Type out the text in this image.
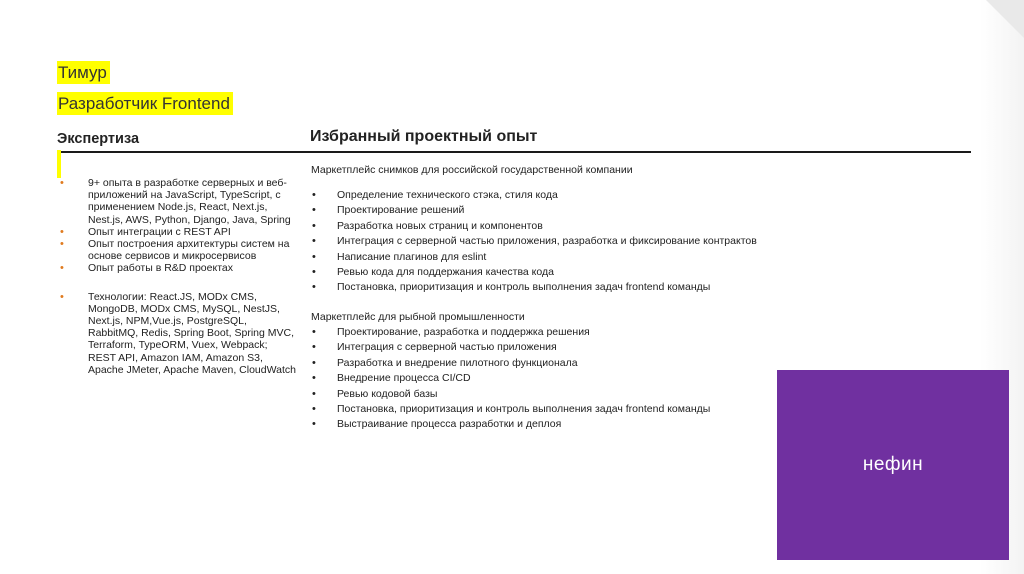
Тимур
Разработчик Frontend
Экспертиза	Избранный проектный опыт
• 9+ опыта в разработке серверных и веб-приложений на JavaScript, TypeScript, с применением Node.js, React, Next.js, Nest.js, AWS, Python, Django, Java, Spring
• Опыт интеграции с REST API
• Опыт построения архитектуры систем на основе сервисов и микросервисов
• Опыт работы в R&D проектах
• Технологии: React.JS, MODx CMS, MongoDB, MODx CMS, MySQL, NestJS, Next.js, NPM,Vue.js, PostgreSQL, RabbitMQ, Redis, Spring Boot, Spring MVC, Terraform, TypeORM, Vuex, Webpack; REST API, Amazon IAM, Amazon S3, Apache JMeter, Apache Maven, CloudWatch
Маркетплейс снимков для российской государственной компании
• Определение технического стэка, стиля кода
• Проектирование решений
• Разработка новых страниц и компонентов
• Интеграция с серверной частью приложения, разработка и фиксирование контрактов
• Написание плагинов для eslint
• Ревью кода для поддержания качества кода
• Постановка, приоритизация и контроль выполнения задач frontend команды
Маркетплейс для рыбной промышленности
• Проектирование, разработка и поддержка решения
• Интеграция с серверной частью приложения
• Разработка и внедрение пилотного функционала
• Внедрение процесса CI/CD
• Ревью кодовой базы
• Постановка, приоритизация и контроль выполнения задач frontend команды
• Выстраивание процесса разработки и деплоя
нефин
